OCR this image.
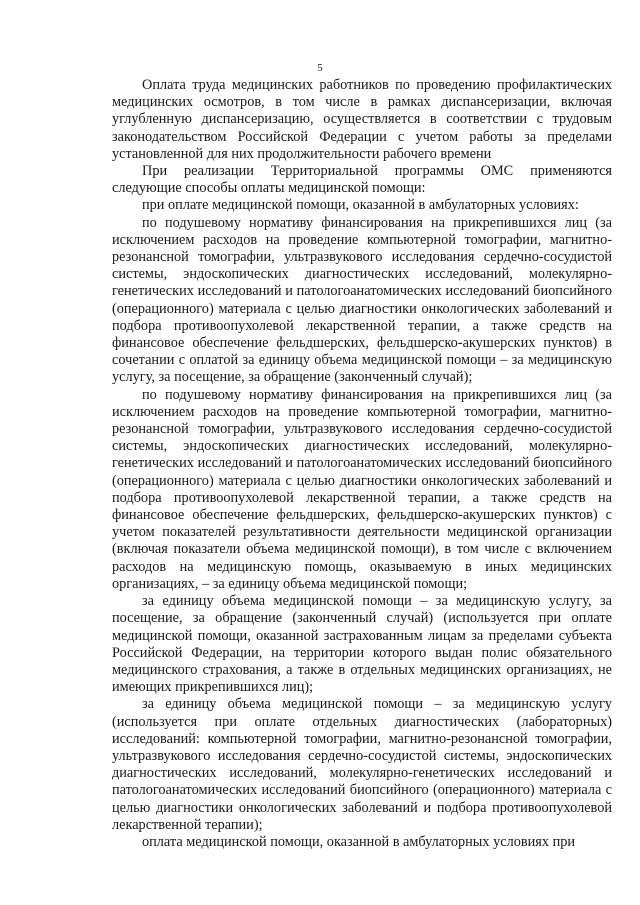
5

Оплата труда медицинских работников по проведению профилактических медицинских осмотров, в том числе в рамках диспансеризации, включая углубленную диспансеризацию, осуществляется в соответствии с трудовым законодательством Российской Федерации с учетом работы за пределами установленной для них продолжительности рабочего времени

При реализации Территориальной программы ОМС применяются следующие способы оплаты медицинской помощи:

при оплате медицинской помощи, оказанной в амбулаторных условиях:

по подушевому нормативу финансирования на прикрепившихся лиц (за исключением расходов на проведение компьютерной томографии, магнитно-резонансной томографии, ультразвукового исследования сердечно-сосудистой системы, эндоскопических диагностических исследований, молекулярно-генетических исследований и патологоанатомических исследований биопсийного (операционного) материала с целью диагностики онкологических заболеваний и подбора противоопухолевой лекарственной терапии, а также средств на финансовое обеспечение фельдшерских, фельдшерско-акушерских пунктов) в сочетании с оплатой за единицу объема медицинской помощи – за медицинскую услугу, за посещение, за обращение (законченный случай);

по подушевому нормативу финансирования на прикрепившихся лиц (за исключением расходов на проведение компьютерной томографии, магнитно-резонансной томографии, ультразвукового исследования сердечно-сосудистой системы, эндоскопических диагностических исследований, молекулярно-генетических исследований и патологоанатомических исследований биопсийного (операционного) материала с целью диагностики онкологических заболеваний и подбора противоопухолевой лекарственной терапии, а также средств на финансовое обеспечение фельдшерских, фельдшерско-акушерских пунктов) с учетом показателей результативности деятельности медицинской организации (включая показатели объема медицинской помощи), в том числе с включением расходов на медицинскую помощь, оказываемую в иных медицинских организациях, – за единицу объема медицинской помощи;

за единицу объема медицинской помощи – за медицинскую услугу, за посещение, за обращение (законченный случай) (используется при оплате медицинской помощи, оказанной застрахованным лицам за пределами субъекта Российской Федерации, на территории которого выдан полис обязательного медицинского страхования, а также в отдельных медицинских организациях, не имеющих прикрепившихся лиц);

за единицу объема медицинской помощи – за медицинскую услугу (используется при оплате отдельных диагностических (лабораторных) исследований: компьютерной томографии, магнитно-резонансной томографии, ультразвукового исследования сердечно-сосудистой системы, эндоскопических диагностических исследований, молекулярно-генетических исследований и патологоанатомических исследований биопсийного (операционного) материала с целью диагностики онкологических заболеваний и подбора противоопухолевой лекарственной терапии);

оплата медицинской помощи, оказанной в амбулаторных условиях при
